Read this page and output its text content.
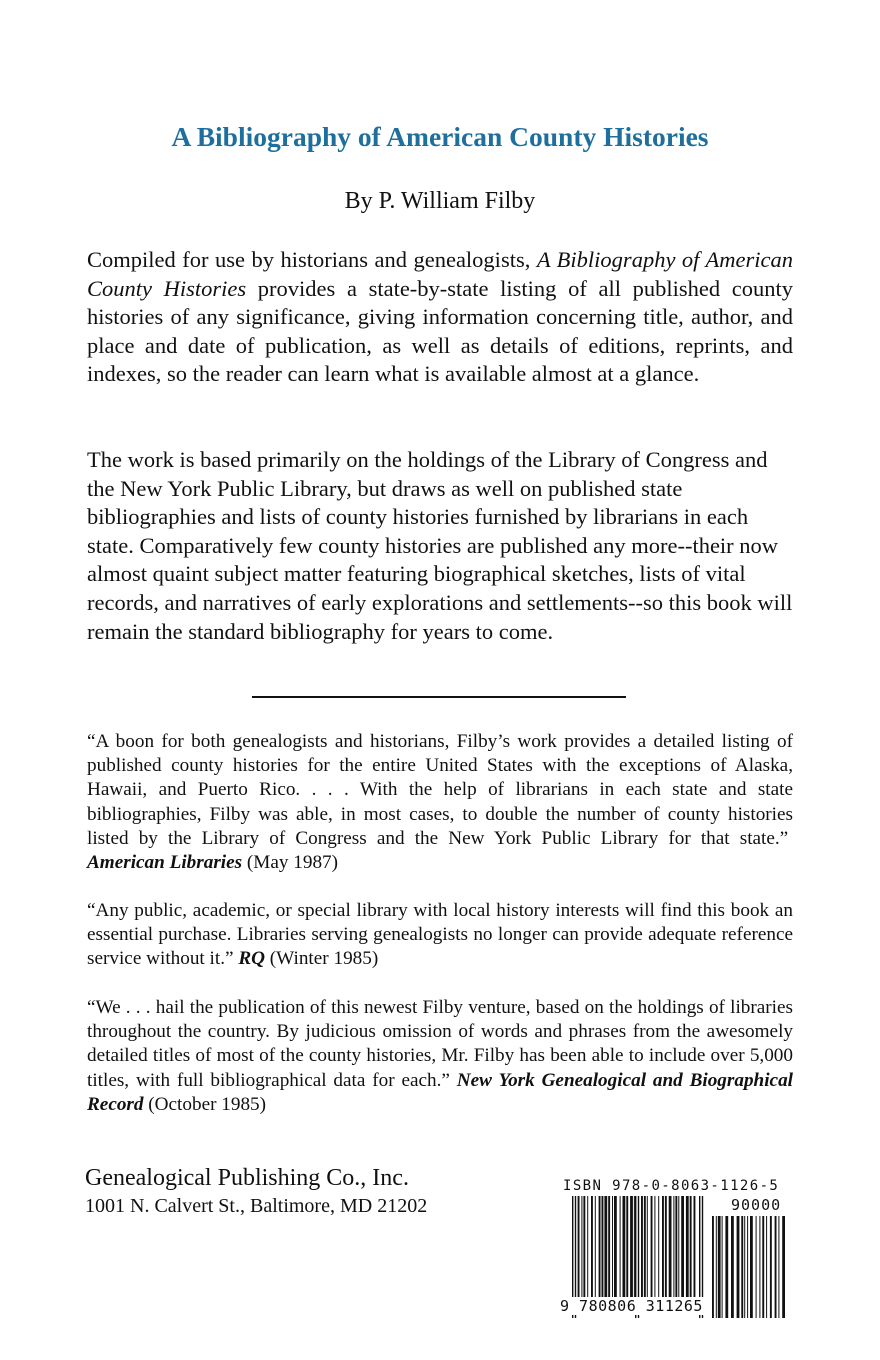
A Bibliography of American County Histories

By P. William Filby

Compiled for use by historians and genealogists, A Bibliography of American County Histories provides a state-by-state listing of all published county histories of any significance, giving information concerning title, author, and place and date of publication, as well as details of editions, reprints, and indexes, so the reader can learn what is available almost at a glance.

The work is based primarily on the holdings of the Library of Congress and the New York Public Library, but draws as well on published state bibliographies and lists of county histories furnished by librarians in each state. Comparatively few county histories are published any more--their now almost quaint subject matter featuring biographical sketches, lists of vital records, and narratives of early explorations and settlements--so this book will remain the standard bibliography for years to come.

“A boon for both genealogists and historians, Filby’s work provides a detailed listing of published county histories for the entire United States with the exceptions of Alaska, Hawaii, and Puerto Rico. . . . With the help of librarians in each state and state bibliographies, Filby was able, in most cases, to double the number of county histories listed by the Library of Congress and the New York Public Library for that state.”  American Libraries (May 1987)

“Any public, academic, or special library with local history interests will find this book an essential purchase. Libraries serving genealogists no longer can provide adequate reference service without it.” RQ (Winter 1985)

“We . . . hail the publication of this newest Filby venture, based on the holdings of libraries throughout the country. By judicious omission of words and phrases from the awesomely detailed titles of most of the county histories, Mr. Filby has been able to include over 5,000 titles, with full bibliographical data for each.” New York Genealogical and Biographical Record (October 1985)

Genealogical Publishing Co., Inc.

1001 N. Calvert St., Baltimore, MD 21202

ISBN 978-0-8063-1126-5

90000
9 780806 311265
